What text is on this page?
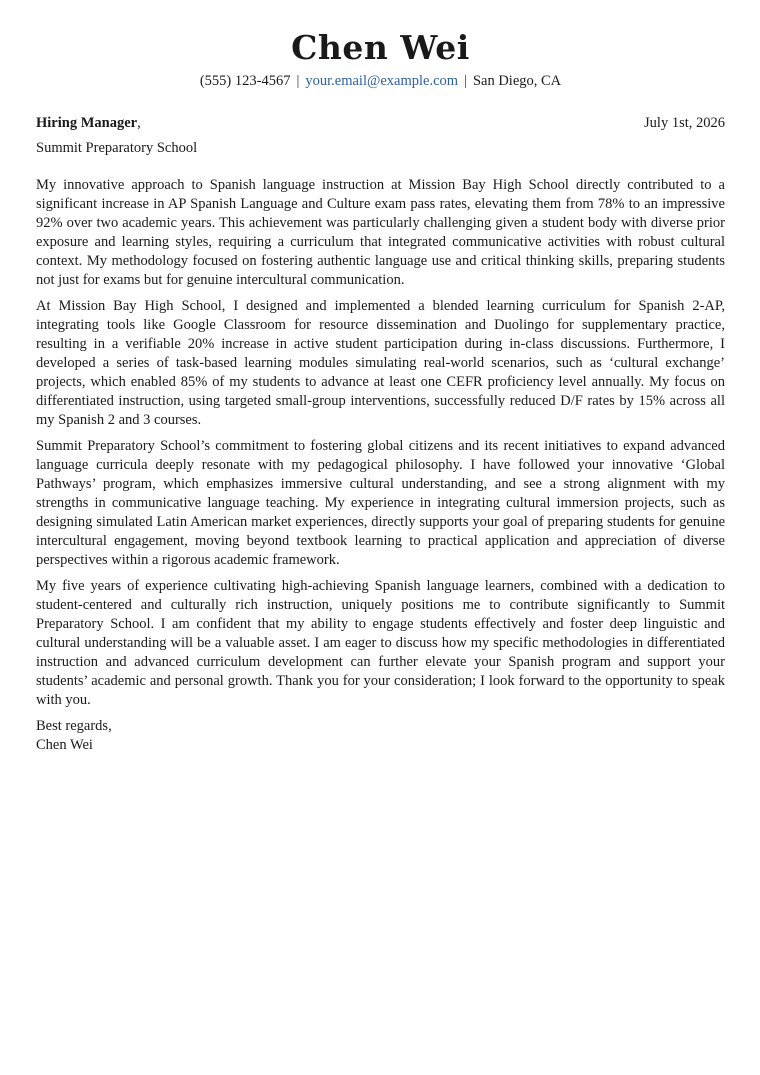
Chen Wei
(555) 123-4567 | your.email@example.com | San Diego, CA
Hiring Manager,	July 1st, 2026
Summit Preparatory School

My innovative approach to Spanish language instruction at Mission Bay High School directly contributed to a significant increase in AP Spanish Language and Culture exam pass rates, elevating them from 78% to an impressive 92% over two academic years. This achievement was particularly challenging given a student body with diverse prior exposure and learning styles, requiring a curriculum that integrated communicative activities with robust cultural context. My methodology focused on fostering authentic language use and critical thinking skills, preparing students not just for exams but for genuine intercultural communication.

At Mission Bay High School, I designed and implemented a blended learning curriculum for Spanish 2-AP, integrating tools like Google Classroom for resource dissemination and Duolingo for supplementary practice, resulting in a verifiable 20% increase in active student participation during in-class discussions. Furthermore, I developed a series of task-based learning modules simulating real-world scenarios, such as ‘cultural exchange’ projects, which enabled 85% of my students to advance at least one CEFR proficiency level annually. My focus on differentiated instruction, using targeted small-group interventions, successfully reduced D/F rates by 15% across all my Spanish 2 and 3 courses.

Summit Preparatory School’s commitment to fostering global citizens and its recent initiatives to expand advanced language curricula deeply resonate with my pedagogical philosophy. I have followed your innovative ‘Global Pathways’ program, which emphasizes immersive cultural understanding, and see a strong alignment with my strengths in communicative language teaching. My experience in integrating cultural immersion projects, such as designing simulated Latin American market experiences, directly supports your goal of preparing students for genuine intercultural engagement, moving beyond textbook learning to practical application and appreciation of diverse perspectives within a rigorous academic framework.

My five years of experience cultivating high-achieving Spanish language learners, combined with a dedication to student-centered and culturally rich instruction, uniquely positions me to contribute significantly to Summit Preparatory School. I am confident that my ability to engage students effectively and foster deep linguistic and cultural understanding will be a valuable asset. I am eager to discuss how my specific methodologies in differentiated instruction and advanced curriculum development can further elevate your Spanish program and support your students’ academic and personal growth. Thank you for your consideration; I look forward to the opportunity to speak with you.

Best regards,
Chen Wei
